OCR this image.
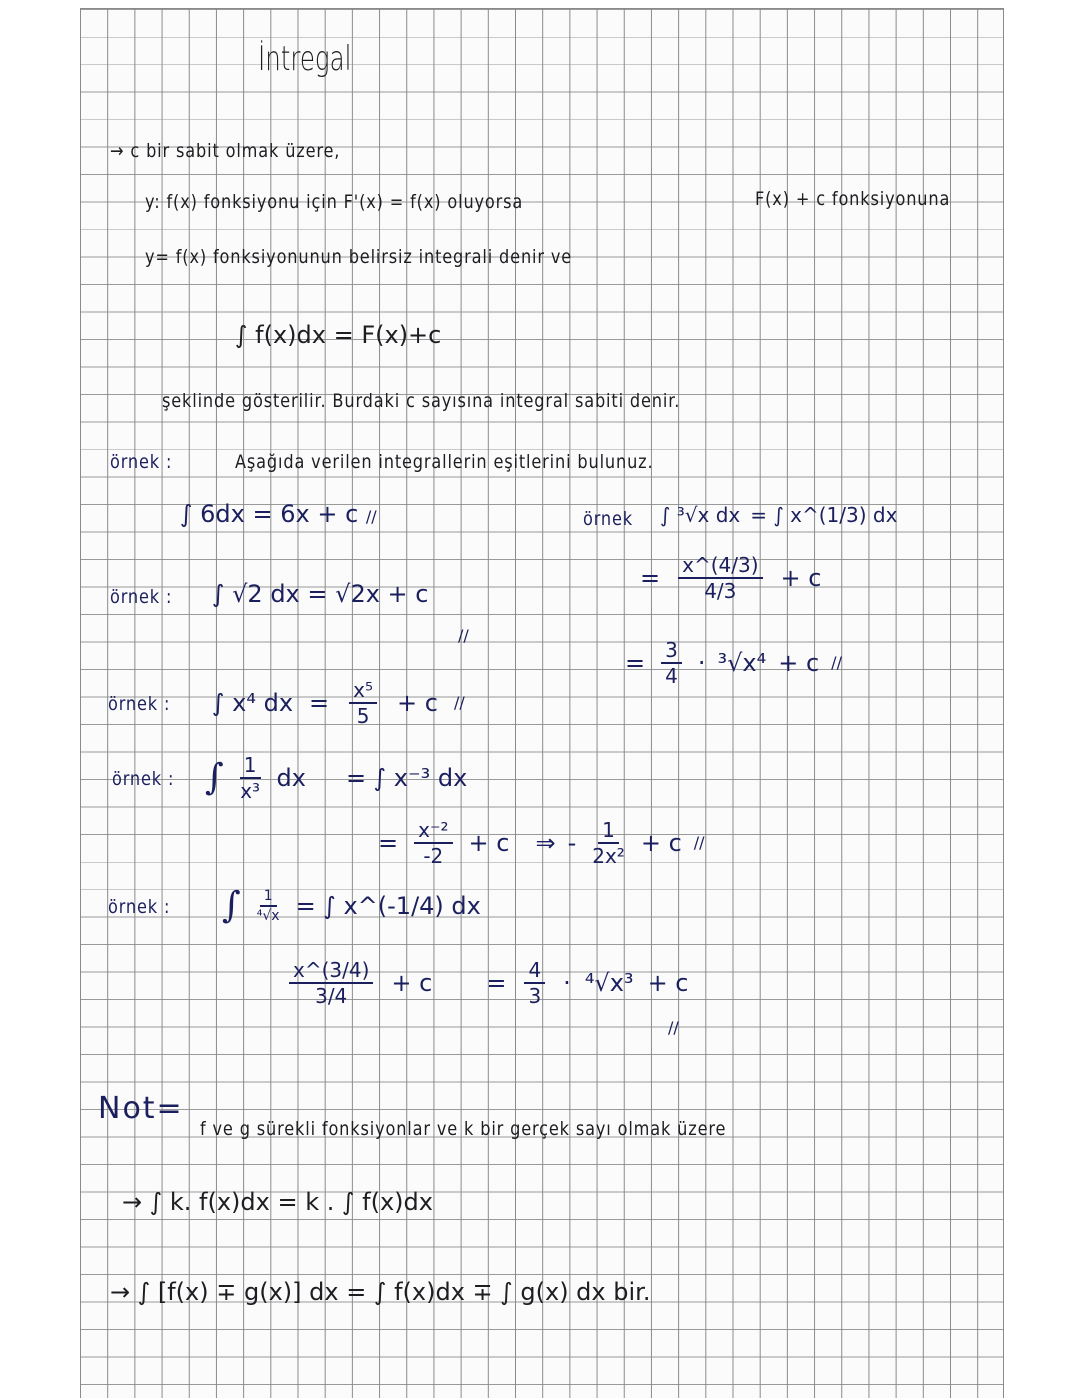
İntregal
→ c bir sabit olmak üzere,
y: f(x) fonksiyonu için F'(x) = f(x) oluyorsa	F(x) + c fonksiyonuna
y= f(x) fonksiyonunun belirsiz integrali denir ve
∫ f(x)dx = F(x)+c
şeklinde gösterilir. Burdaki c sayısına integral sabiti denir.
örnek :	Aşağıda verilen integrallerin eşitlerini bulunuz.
∫ 6dx = 6x + c //
örnek : ∫ √2 dx = √2x + c
//
örnek : ∫ x⁴ dx = $\frac{\text{x⁵}}{5} + c$ //
örnek : ∫ $\frac{1}{\text{x³}}$ dx = ∫ x⁻³ dx
= $\frac{\text{x⁻²}}{-2} + c$ ⇒ - $\frac{1}{\text{2x²}} + c$ //
örnek : ∫ $\frac{1}{\text{⁴√x}}$ = ∫ x^(-1/4) dx
$\frac{x\^{}(3/4)}{3/4} + c = \frac{4}{3} \cdot ^4√x^3 + c$
//
örnek ∫ ³√x dx = ∫ x^(1/3) dx
= $\frac{x\^{}(4/3)}{4/3} + c$
= $\frac{3}{4} \cdot ^3√x^4 + c$ //
Not=
f ve g sürekli fonksiyonlar ve k bir gerçek sayı olmak üzere
→ ∫ k. f(x)dx = k . ∫ f(x)dx
→ ∫ [f(x) ∓ g(x)] dx = ∫ f(x)dx ∓ ∫ g(x) dx bir.
